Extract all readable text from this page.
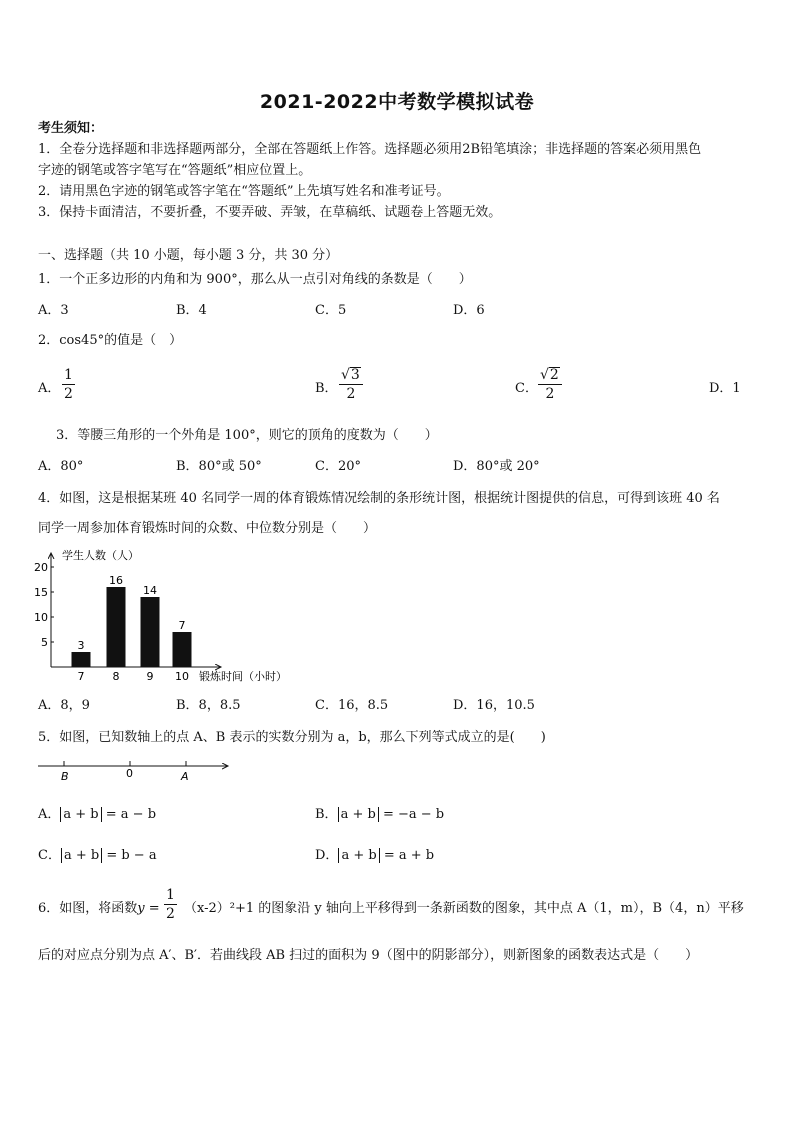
2021-2022中考数学模拟试卷
考生须知：
1．全卷分选择题和非选择题两部分，全部在答题纸上作答。选择题必须用2B铅笔填涂；非选择题的答案必须用黑色
字迹的钢笔或答字笔写在“答题纸”相应位置上。
2．请用黑色字迹的钢笔或答字笔在“答题纸”上先填写姓名和准考证号。
3．保持卡面清洁，不要折叠，不要弄破、弄皱，在草稿纸、试题卷上答题无效。
一、选择题（共 10 小题，每小题 3 分，共 30 分）
1．一个正多边形的内角和为 900°，那么从一点引对角线的条数是（　　）
A．3	B．4	C．5	D．6
2．cos45°的值是（　）
A． $\frac{1}{2}$	B． $\frac{√3}{2}$	C． $\frac{√2}{2}$	D．1
3．等腰三角形的一个外角是 100°，则它的顶角的度数为（　　）
A．80°	B．80°或 50°	C．20°	D．80°或 20°
4．如图，这是根据某班 40 名同学一周的体育锻炼情况绘制的条形统计图，根据统计图提供的信息，可得到该班 40 名
同学一周参加体育锻炼时间的众数、中位数分别是（　　）
学生人数（人）
锻炼时间（小时）
5
10
15
20
3
7
16
8
14
9
7
10
A．8，9	B．8，8.5	C．16，8.5	D．16，10.5
5．如图，已知数轴上的点 A、B 表示的实数分别为 a，b，那么下列等式成立的是(　　)
B	0	A
A． a + b = a − b	B． a + b = −a − b
C． a + b = b − a	D． a + b = a + b
6．如图，将函数$y = \frac{1}{2} (x-2)^2+1$ 的图象沿 y 轴向上平移得到一条新函数的图象，其中点 A（1，m），B（4，n）平移
后的对应点分别为点 A′、B′．若曲线段 AB 扫过的面积为 9（图中的阴影部分），则新图象的函数表达式是（　　）
